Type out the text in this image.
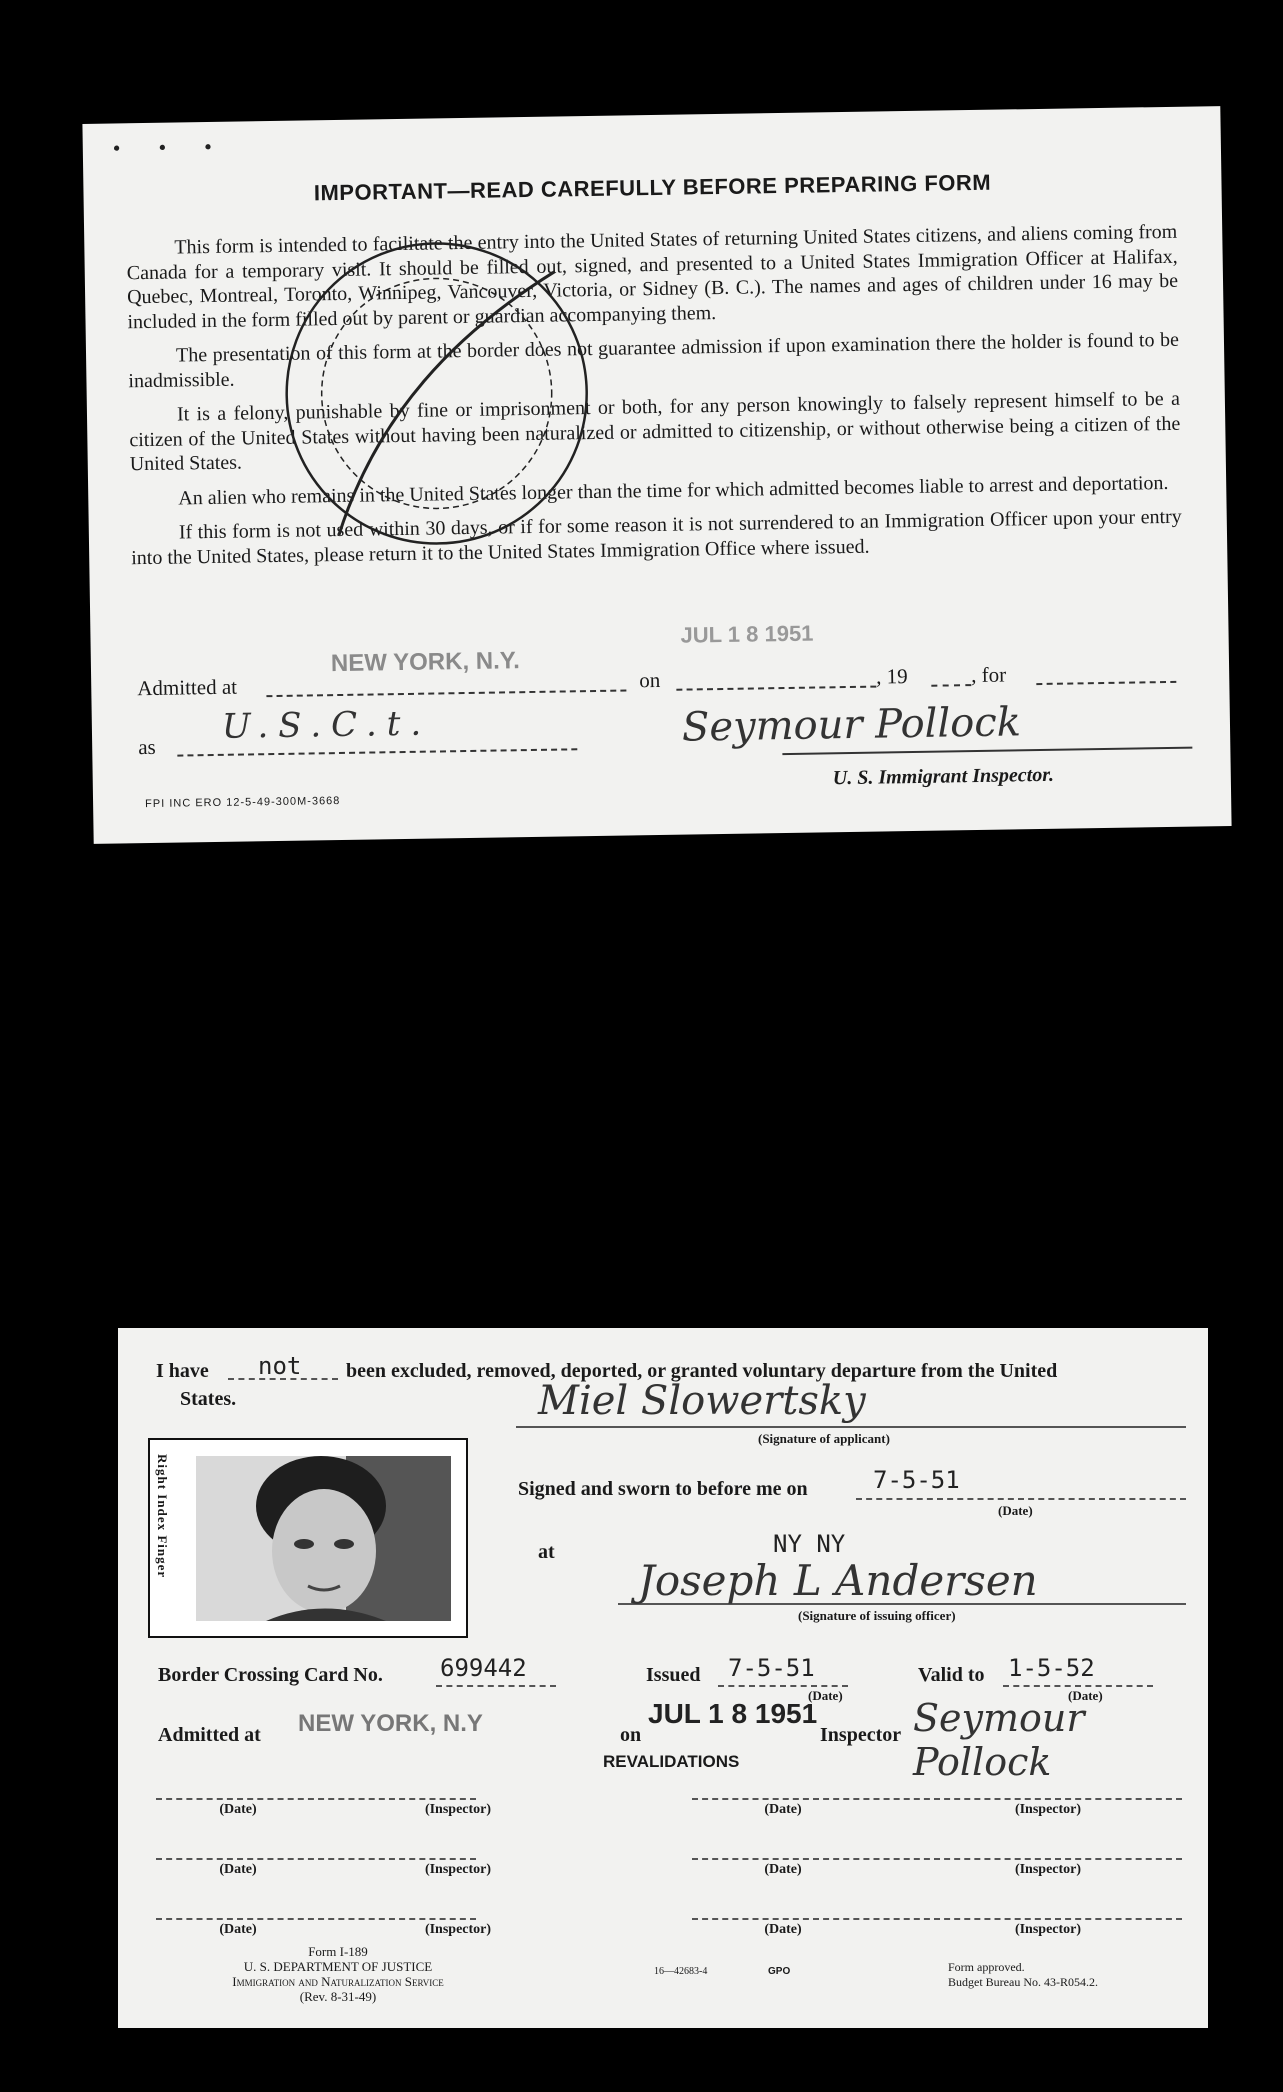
•••
IMPORTANT—READ CAREFULLY BEFORE PREPARING FORM

This form is intended to facilitate the entry into the United States of returning United States citizens, and aliens coming from Canada for a temporary visit. It should be filled out, signed, and presented to a United States Immigration Officer at Halifax, Quebec, Montreal, Toronto, Winnipeg, Vancouver, Victoria, or Sidney (B. C.). The names and ages of children under 16 may be included in the form filled out by parent or guardian accompanying them.

The presentation of this form at the border does not guarantee admission if upon examination there the holder is found to be inadmissible.

It is a felony, punishable by fine or imprisonment or both, for any person knowingly to falsely represent himself to be a citizen of the United States without having been naturalized or admitted to citizenship, or without otherwise being a citizen of the United States.

An alien who remains in the United States longer than the time for which admitted becomes liable to arrest and deportation.

If this form is not used within 30 days, or if for some reason it is not surrendered to an Immigration Officer upon your entry into the United States, please return it to the United States Immigration Office where issued.

Admitted at
NEW YORK, N.Y.
JUL 1 8 1951
on	, 19	, for
as
U.S.C.t.	Seymour Pollock
U. S. Immigrant Inspector.
FPI INC ERO 12-5-49-300M-3668
I have not been excluded, removed, deported, or granted voluntary departure from the United
States.	Miel Slowertsky
(Signature of applicant)
Right Index Finger	Signed and sworn to before me on	7-5-51
(Date)
at	NY NY
Joseph L Andersen
(Signature of issuing officer)
Border Crossing Card No. 699442	Issued 7-5-51	Valid to 1-5-52
(Date)	(Date)
Admitted at NEW YORK, N.Y	on
JUL 1 8 1951
Inspector Seymour Pollock
REVALIDATIONS
(Date)	(Inspector)	(Date)	(Inspector)
(Date)	(Inspector)	(Date)	(Inspector)
(Date)	(Inspector)	(Date)	(Inspector)
Form I-189
U. S. DEPARTMENT OF JUSTICE
Immigration and Naturalization Service
(Rev. 8-31-49)
16—42683-4	GPO	Form approved.
Budget Bureau No. 43-R054.2.
